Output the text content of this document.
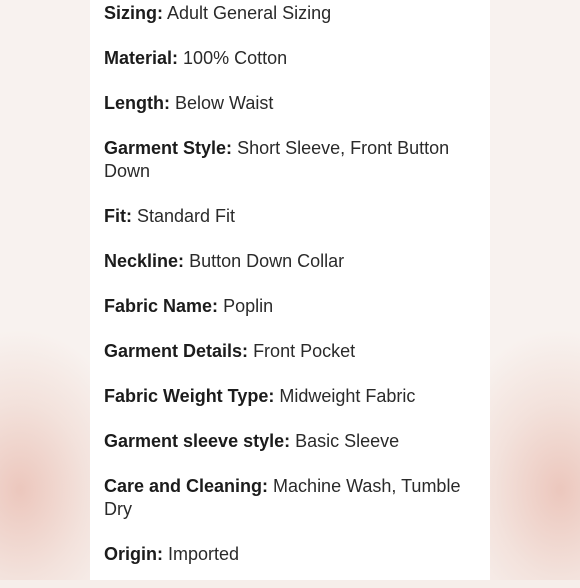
Sizing: Adult General Sizing
Material: 100% Cotton
Length: Below Waist
Garment Style: Short Sleeve, Front Button Down
Fit: Standard Fit
Neckline: Button Down Collar
Fabric Name: Poplin
Garment Details: Front Pocket
Fabric Weight Type: Midweight Fabric
Garment sleeve style: Basic Sleeve
Care and Cleaning: Machine Wash, Tumble Dry
Origin: Imported
